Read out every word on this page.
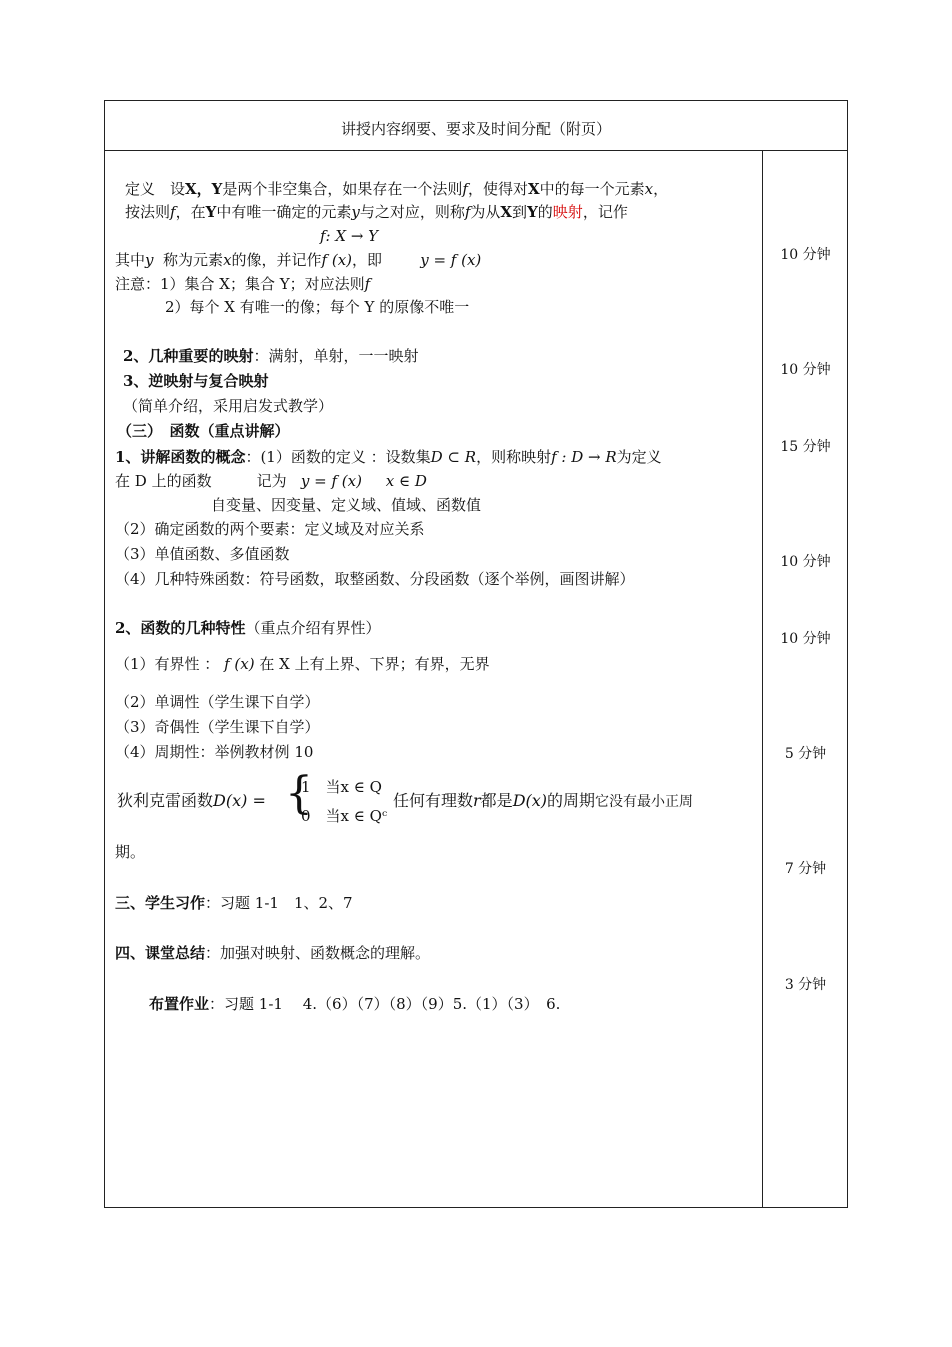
讲授内容纲要、要求及时间分配（附页）
定义　设X，Y是两个非空集合，如果存在一个法则f，使得对X中的每一个元素x，
按法则f，在Y中有唯一确定的元素y与之对应，则称f为从X到Y的映射，记作
f: X → Y
其中y 称为元素x的像，并记作f (x)，即	y = f (x)
注意：1）集合 X；集合 Y；对应法则f
2）每个 X 有唯一的像；每个 Y 的原像不唯一
2、几种重要的映射：满射，单射，一一映射
3、逆映射与复合映射
（简单介绍，采用启发式教学）
（三）　函数（重点讲解）
1、讲解函数的概念：(1）函数的定义 ：设数集D ⊂ R，则称映射f : D → R为定义
在 D 上的函数　　　记为 y = f (x) x ∈ D
自变量、因变量、定义域、值域、函数值
（2）确定函数的两个要素：定义域及对应关系
（3）单值函数、多值函数
（4）几种特殊函数：符号函数，取整函数、分段函数（逐个举例，画图讲解）
2、函数的几种特性（重点介绍有界性）
（1）有界性 ： f (x) 在 X 上有上界、下界；有界，无界
（2）单调性（学生课下自学）
（3）奇偶性（学生课下自学）
（4）周期性：举例教材例 10
狄利克雷函数D(x) = {
1　当x ∈ Q
0　当x ∈ Qᶜ
任何有理数r都是D(x)的周期它没有最小正周
期。
三、学生习作：习题 1-1　1、2、7
四、课堂总结：加强对映射、函数概念的理解。
布置作业：习题 1-1　 4.（6）（7）（8）（9）5.（1）（3）　6.
10 分钟
10 分钟
15 分钟
10 分钟
10 分钟
5 分钟
7 分钟
3 分钟
